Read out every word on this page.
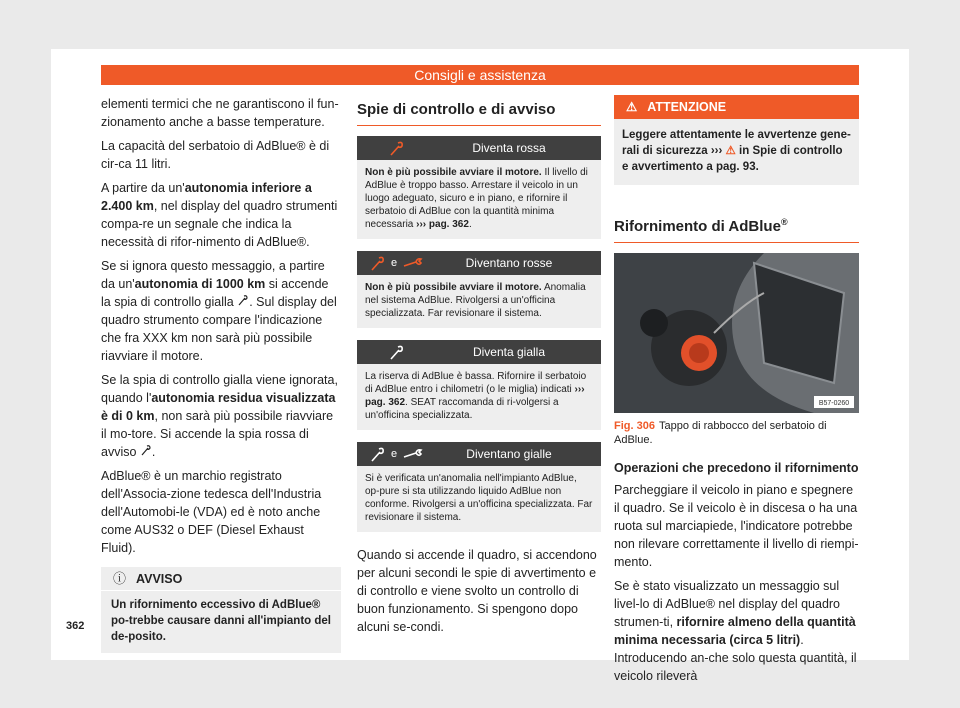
Consigli e assistenza

elementi termici che ne garantiscono il fun-zionamento anche a basse temperature.

La capacità del serbatoio di AdBlue® è di cir-ca 11 litri.

A partire da un'autonomia inferiore a 2.400 km, nel display del quadro strumenti compa-re un segnale che indica la necessità di rifor-nimento di AdBlue®.

Se si ignora questo messaggio, a partire da un'autonomia di 1000 km si accende la spia di controllo gialla . Sul display del quadro strumento compare l'indicazione che fra XXX km non sarà più possibile riavviare il motore.

Se la spia di controllo gialla viene ignorata, quando l'autonomia residua visualizzata è di 0 km, non sarà più possibile riavviare il mo-tore. Si accende la spia rossa di avviso .

AdBlue® è un marchio registrato dell'Associa-zione tedesca dell'Industria dell'Automobi-le (VDA) ed è noto anche come AUS32 o DEF (Diesel Exhaust Fluid).

ⓘ AVVISO
Un rifornimento eccessivo di AdBlue® po-trebbe causare danni all'impianto del de-posito.
Spie di controllo e di avviso
Diventa rossa
Non è più possibile avviare il motore. Il livello di AdBlue è troppo basso. Arrestare il veicolo in un luogo adeguato, sicuro e in piano, e rifornire il serbatoio di AdBlue con la quantità minima necessaria ››› pag. 362.
e	Diventano rosse
Non è più possibile avviare il motore. Anomalia nel sistema AdBlue. Rivolgersi a un'officina specializzata. Far revisionare il sistema.
Diventa gialla
La riserva di AdBlue è bassa. Rifornire il serbatoio di AdBlue entro i chilometri (o le miglia) indicati ››› pag. 362. SEAT raccomanda di ri-volgersi a un'officina specializzata.
e	Diventano gialle
Si è verificata un'anomalia nell'impianto AdBlue, op-pure si sta utilizzando liquido AdBlue non conforme. Rivolgersi a un'officina specializzata. Far revisionare il sistema.

Quando si accende il quadro, si accendono per alcuni secondi le spie di avvertimento e di controllo e viene svolto un controllo di buon funzionamento. Si spengono dopo alcuni se-condi.

⚠ ATTENZIONE
Leggere attentamente le avvertenze gene-rali di sicurezza ››› ⚠ in Spie di controllo e avvertimento a pag. 93.
Rifornimento di AdBlue®
B57-0260
Fig. 306 Tappo di rabbocco del serbatoio di AdBlue.
Operazioni che precedono il rifornimento

Parcheggiare il veicolo in piano e spegnere il quadro. Se il veicolo è in discesa o ha una ruota sul marciapiede, l'indicatore potrebbe non rilevare correttamente il livello di riempi-mento.

Se è stato visualizzato un messaggio sul livel-lo di AdBlue® nel display del quadro strumen-ti, rifornire almeno della quantità minima necessaria (circa 5 litri). Introducendo an-che solo questa quantità, il veicolo rileverà

362
